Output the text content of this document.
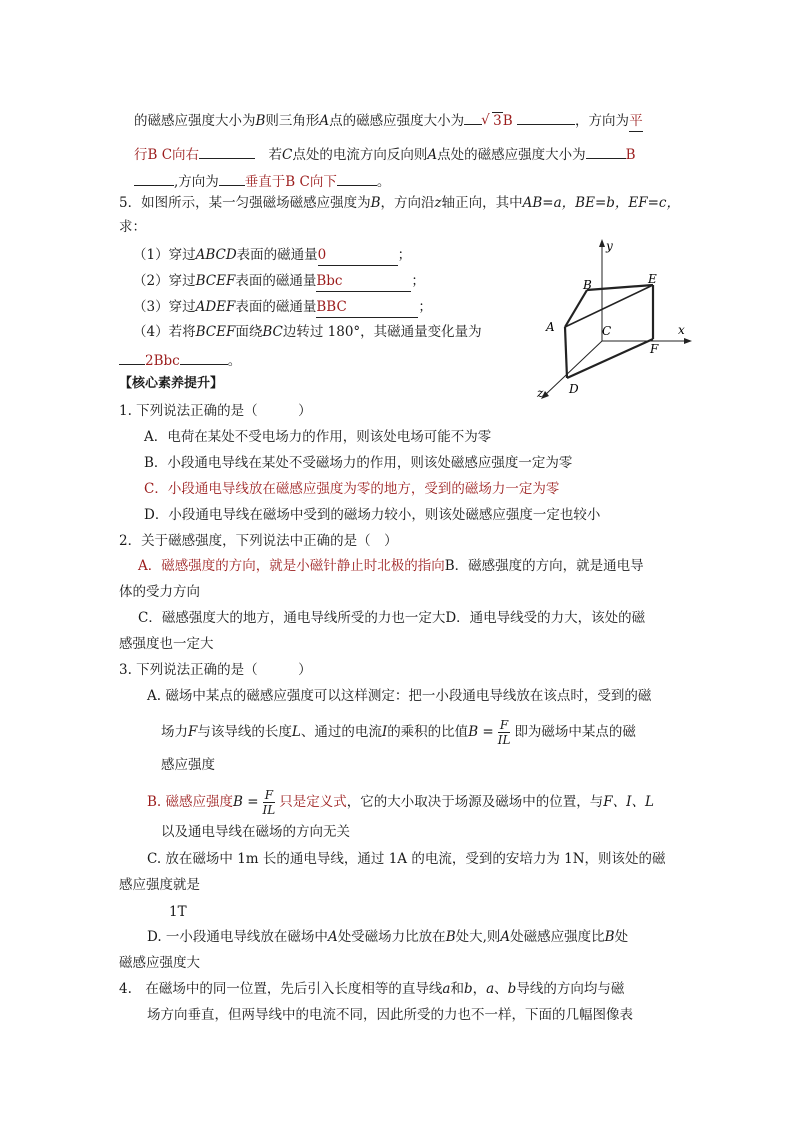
的磁感应强度大小为B则三角形A点的磁感应强度大小为√ 3B	，方向为平
行B C向右　	若C点处的电流方向反向则A点处的磁感应强度大小为	B
,方向为 垂直于B C向下	。
5．如图所示，某一匀强磁场磁感应强度为B，方向沿z轴正向，其中AB=a，BE=b，EF=c，
求：
（1）穿过ABCD表面的磁通量0	；
（2）穿过BCEF表面的磁通量Bbc	；
（3）穿过ADEF表面的磁通量BBC	；
（4）若将BCEF面绕BC边转过 180°，其磁通量变化量为
2Bbc	。
y
x
z
B	E
A	C
F
D
【核心素养提升】
1. 下列说法正确的是（　　　）
A．电荷在某处不受电场力的作用，则该处电场可能不为零
B．小段通电导线在某处不受磁场力的作用，则该处磁感应强度一定为零
C．小段通电导线放在磁感应强度为零的地方，受到的磁场力一定为零
D．小段通电导线在磁场中受到的磁场力较小，则该处磁感应强度一定也较小
2．关于磁感强度，下列说法中正确的是（　）
A．磁感强度的方向，就是小磁针静止时北极的指向B．磁感强度的方向，就是通电导
体的受力方向
C．磁感强度大的地方，通电导线所受的力也一定大D．通电导线受的力大，该处的磁
感强度也一定大
3. 下列说法正确的是（　　　）
A. 磁场中某点的磁感应强度可以这样测定：把一小段通电导线放在该点时，受到的磁
场力F与该导线的长度L、通过的电流I的乘积的比值$B = \frac{F}{IL}$ 即为磁场中某点的磁
感应强度
B. 磁感应强度$B = \frac{F}{IL}$ 只是定义式，它的大小取决于场源及磁场中的位置，与F、I、L
以及通电导线在磁场的方向无关
C. 放在磁场中 1m 长的通电导线，通过 1A 的电流，受到的安培力为 1N，则该处的磁
感应强度就是
1T
D. 一小段通电导线放在磁场中A处受磁场力比放在B处大,则A处磁感应强度比B处
磁感应强度大
4.　在磁场中的同一位置，先后引入长度相等的直导线a和b，a、b导线的方向均与磁
场方向垂直，但两导线中的电流不同，因此所受的力也不一样，下面的几幅图像表
